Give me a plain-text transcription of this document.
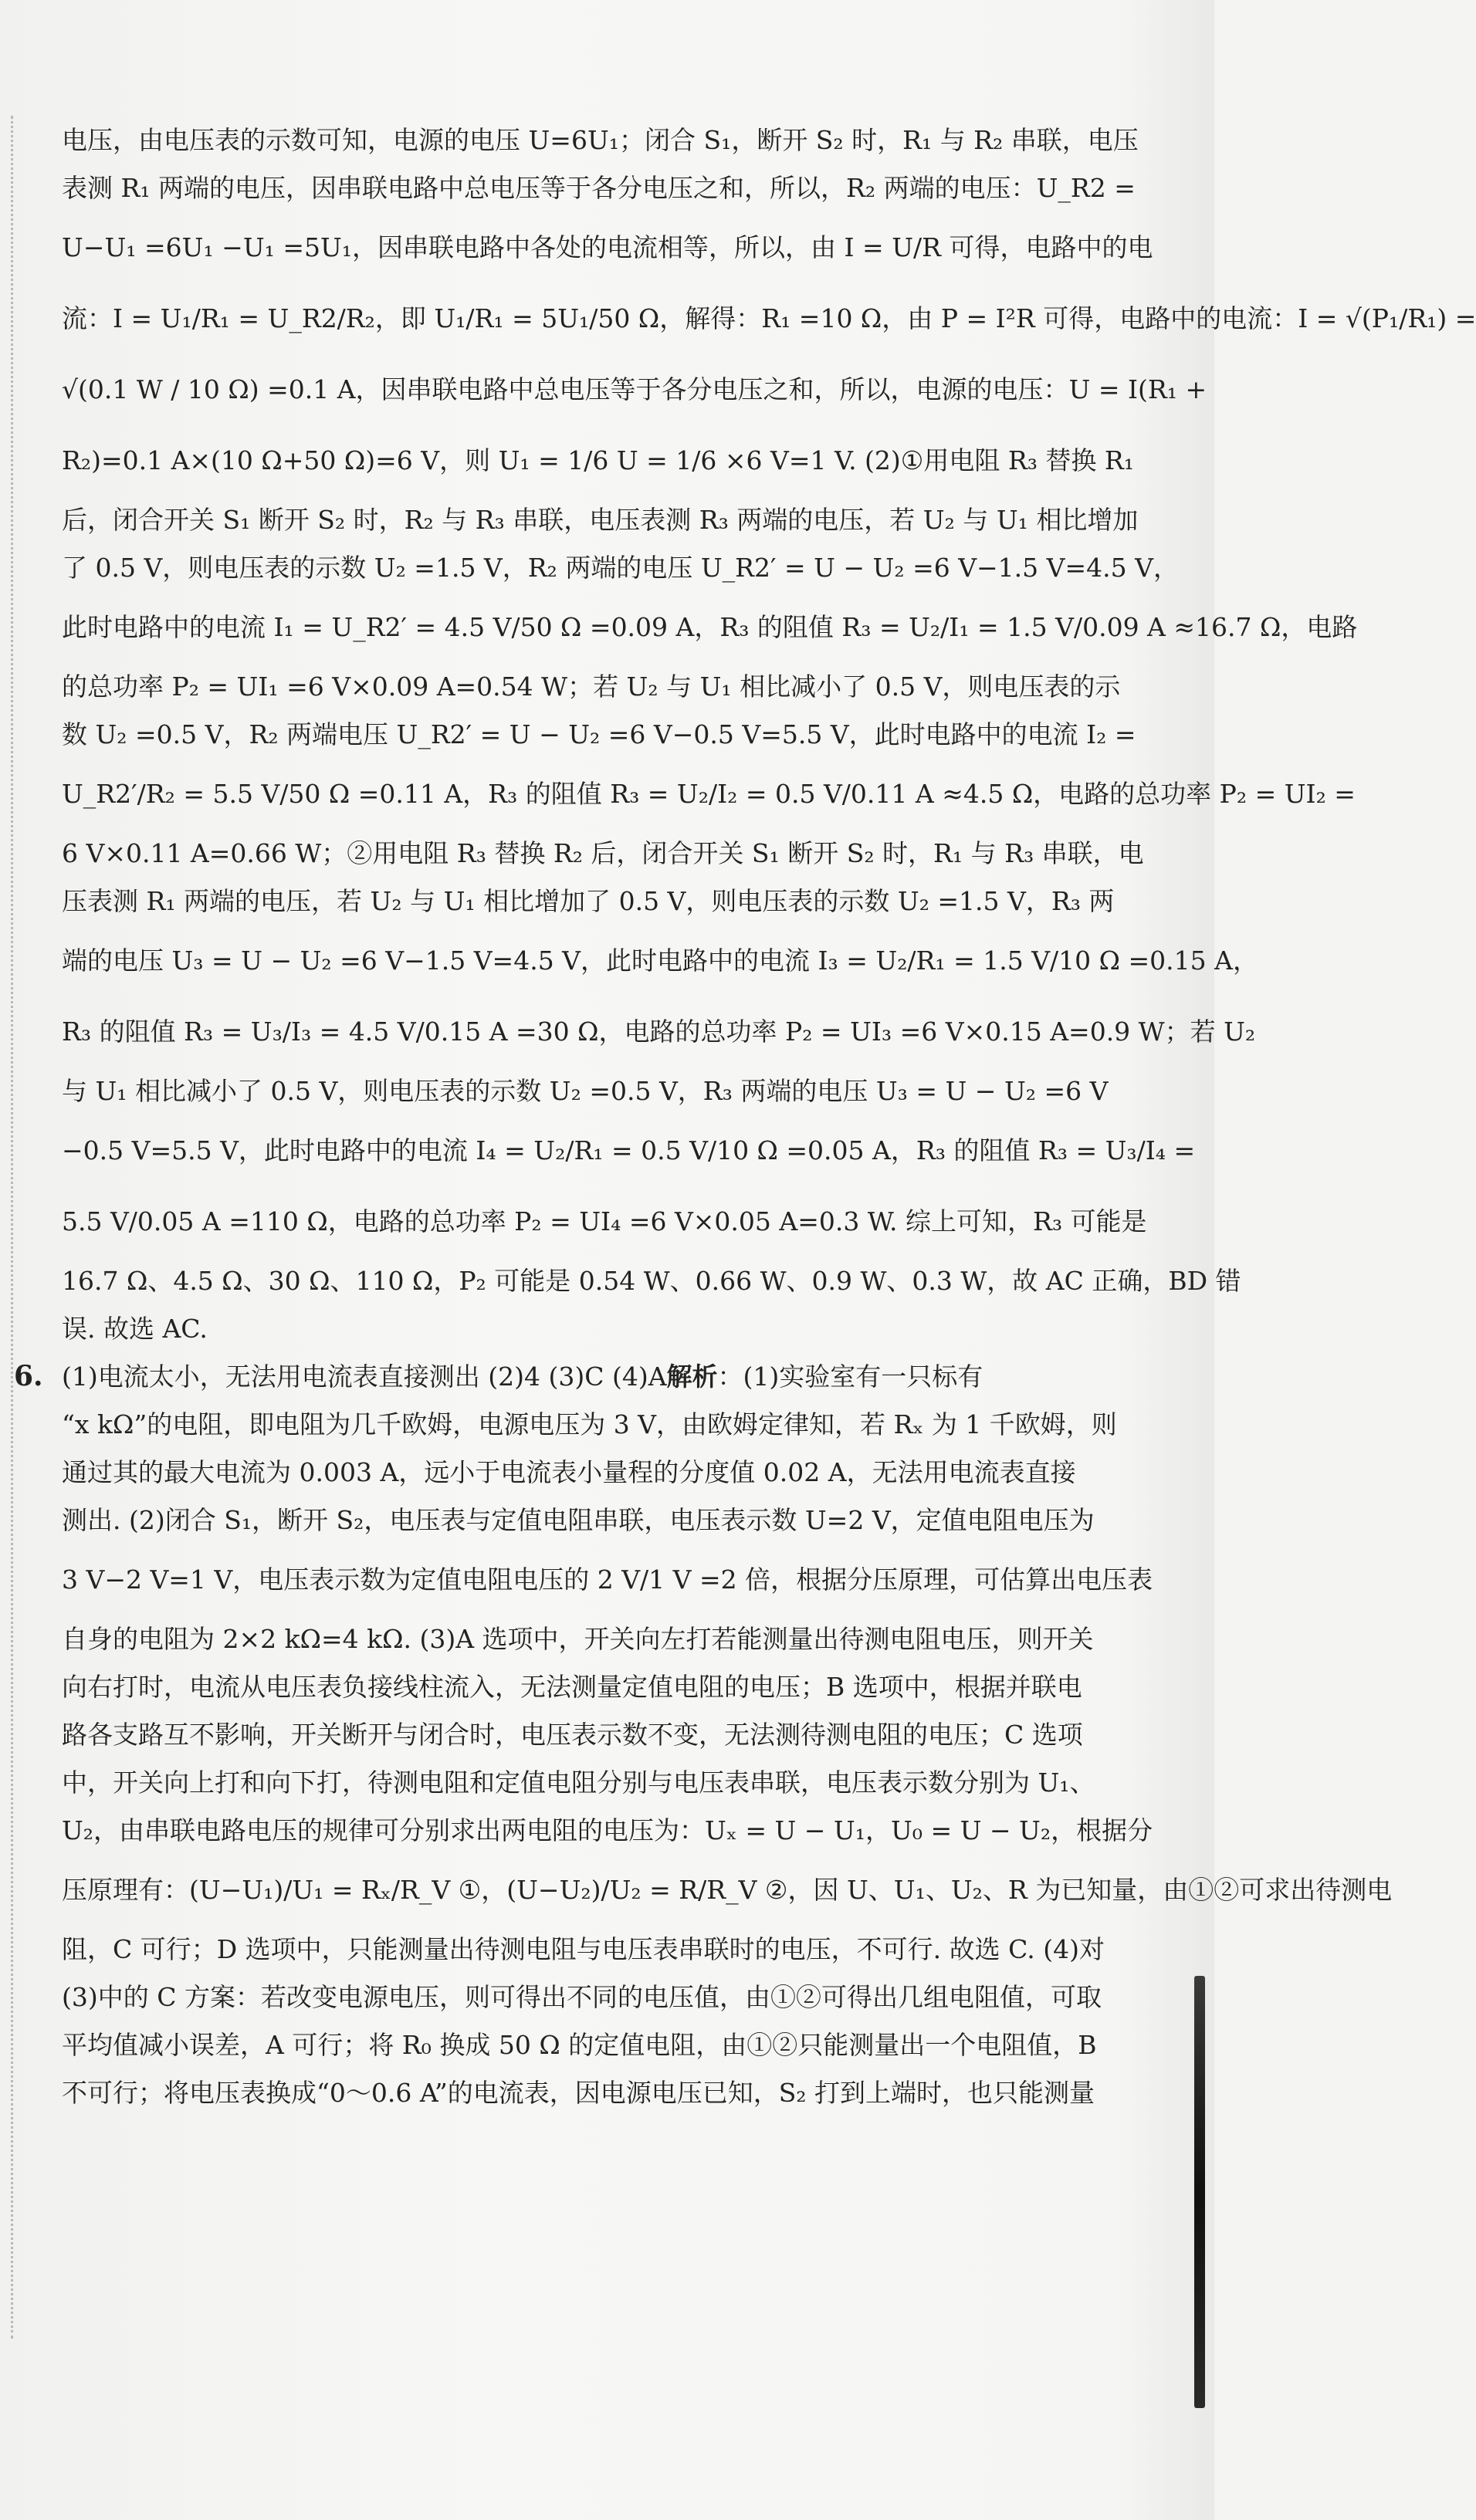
电压，由电压表的示数可知，电源的电压 U=6U₁；闭合 S₁，断开 S₂ 时，R₁ 与 R₂ 串联，电压
表测 R₁ 两端的电压，因串联电路中总电压等于各分电压之和，所以，R₂ 两端的电压：U_R2 =
U−U₁ =6U₁ −U₁ =5U₁，因串联电路中各处的电流相等，所以，由 I = U/R 可得，电路中的电
流：I = U₁/R₁ = U_R2/R₂，即 U₁/R₁ = 5U₁/50 Ω，解得：R₁ =10 Ω，由 P = I²R 可得，电路中的电流：I = √(P₁/R₁) =
√(0.1 W / 10 Ω) =0.1 A，因串联电路中总电压等于各分电压之和，所以，电源的电压：U = I(R₁ +
R₂)=0.1 A×(10 Ω+50 Ω)=6 V，则 U₁ = 1/6 U = 1/6 ×6 V=1 V. (2)①用电阻 R₃ 替换 R₁
后，闭合开关 S₁ 断开 S₂ 时，R₂ 与 R₃ 串联，电压表测 R₃ 两端的电压，若 U₂ 与 U₁ 相比增加
了 0.5 V，则电压表的示数 U₂ =1.5 V，R₂ 两端的电压 U_R2′ = U − U₂ =6 V−1.5 V=4.5 V，
此时电路中的电流 I₁ = U_R2′ = 4.5 V/50 Ω =0.09 A，R₃ 的阻值 R₃ = U₂/I₁ = 1.5 V/0.09 A ≈16.7 Ω，电路
的总功率 P₂ = UI₁ =6 V×0.09 A=0.54 W；若 U₂ 与 U₁ 相比减小了 0.5 V，则电压表的示
数 U₂ =0.5 V，R₂ 两端电压 U_R2′ = U − U₂ =6 V−0.5 V=5.5 V，此时电路中的电流 I₂ =
U_R2′/R₂ = 5.5 V/50 Ω =0.11 A，R₃ 的阻值 R₃ = U₂/I₂ = 0.5 V/0.11 A ≈4.5 Ω，电路的总功率 P₂ = UI₂ =
6 V×0.11 A=0.66 W；②用电阻 R₃ 替换 R₂ 后，闭合开关 S₁ 断开 S₂ 时，R₁ 与 R₃ 串联，电
压表测 R₁ 两端的电压，若 U₂ 与 U₁ 相比增加了 0.5 V，则电压表的示数 U₂ =1.5 V，R₃ 两
端的电压 U₃ = U − U₂ =6 V−1.5 V=4.5 V，此时电路中的电流 I₃ = U₂/R₁ = 1.5 V/10 Ω =0.15 A，
R₃ 的阻值 R₃ = U₃/I₃ = 4.5 V/0.15 A =30 Ω，电路的总功率 P₂ = UI₃ =6 V×0.15 A=0.9 W；若 U₂
与 U₁ 相比减小了 0.5 V，则电压表的示数 U₂ =0.5 V，R₃ 两端的电压 U₃ = U − U₂ =6 V
−0.5 V=5.5 V，此时电路中的电流 I₄ = U₂/R₁ = 0.5 V/10 Ω =0.05 A，R₃ 的阻值 R₃ = U₃/I₄ =
5.5 V/0.05 A =110 Ω，电路的总功率 P₂ = UI₄ =6 V×0.05 A=0.3 W. 综上可知，R₃ 可能是
16.7 Ω、4.5 Ω、30 Ω、110 Ω，P₂ 可能是 0.54 W、0.66 W、0.9 W、0.3 W，故 AC 正确，BD 错
误. 故选 AC.
6. (1)电流太小，无法用电流表直接测出 (2)4 (3)C (4)A 解析 ：(1)实验室有一只标有
“x kΩ”的电阻，即电阻为几千欧姆，电源电压为 3 V，由欧姆定律知，若 Rₓ 为 1 千欧姆，则
通过其的最大电流为 0.003 A，远小于电流表小量程的分度值 0.02 A，无法用电流表直接
测出. (2)闭合 S₁，断开 S₂，电压表与定值电阻串联，电压表示数 U=2 V，定值电阻电压为
3 V−2 V=1 V，电压表示数为定值电阻电压的 2 V/1 V =2 倍，根据分压原理，可估算出电压表
自身的电阻为 2×2 kΩ=4 kΩ. (3)A 选项中，开关向左打若能测量出待测电阻电压，则开关
向右打时，电流从电压表负接线柱流入，无法测量定值电阻的电压；B 选项中，根据并联电
路各支路互不影响，开关断开与闭合时，电压表示数不变，无法测待测电阻的电压；C 选项
中，开关向上打和向下打，待测电阻和定值电阻分别与电压表串联，电压表示数分别为 U₁、
U₂，由串联电路电压的规律可分别求出两电阻的电压为：Uₓ = U − U₁，U₀ = U − U₂，根据分
压原理有：(U−U₁)/U₁ = Rₓ/R_V ①，(U−U₂)/U₂ = R/R_V ②，因 U、U₁、U₂、R 为已知量，由①②可求出待测电
阻，C 可行；D 选项中，只能测量出待测电阻与电压表串联时的电压，不可行. 故选 C. (4)对
(3)中的 C 方案：若改变电源电压，则可得出不同的电压值，由①②可得出几组电阻值，可取
平均值减小误差，A 可行；将 R₀ 换成 50 Ω 的定值电阻，由①②只能测量出一个电阻值，B
不可行；将电压表换成“0～0.6 A”的电流表，因电源电压已知，S₂ 打到上端时，也只能测量
